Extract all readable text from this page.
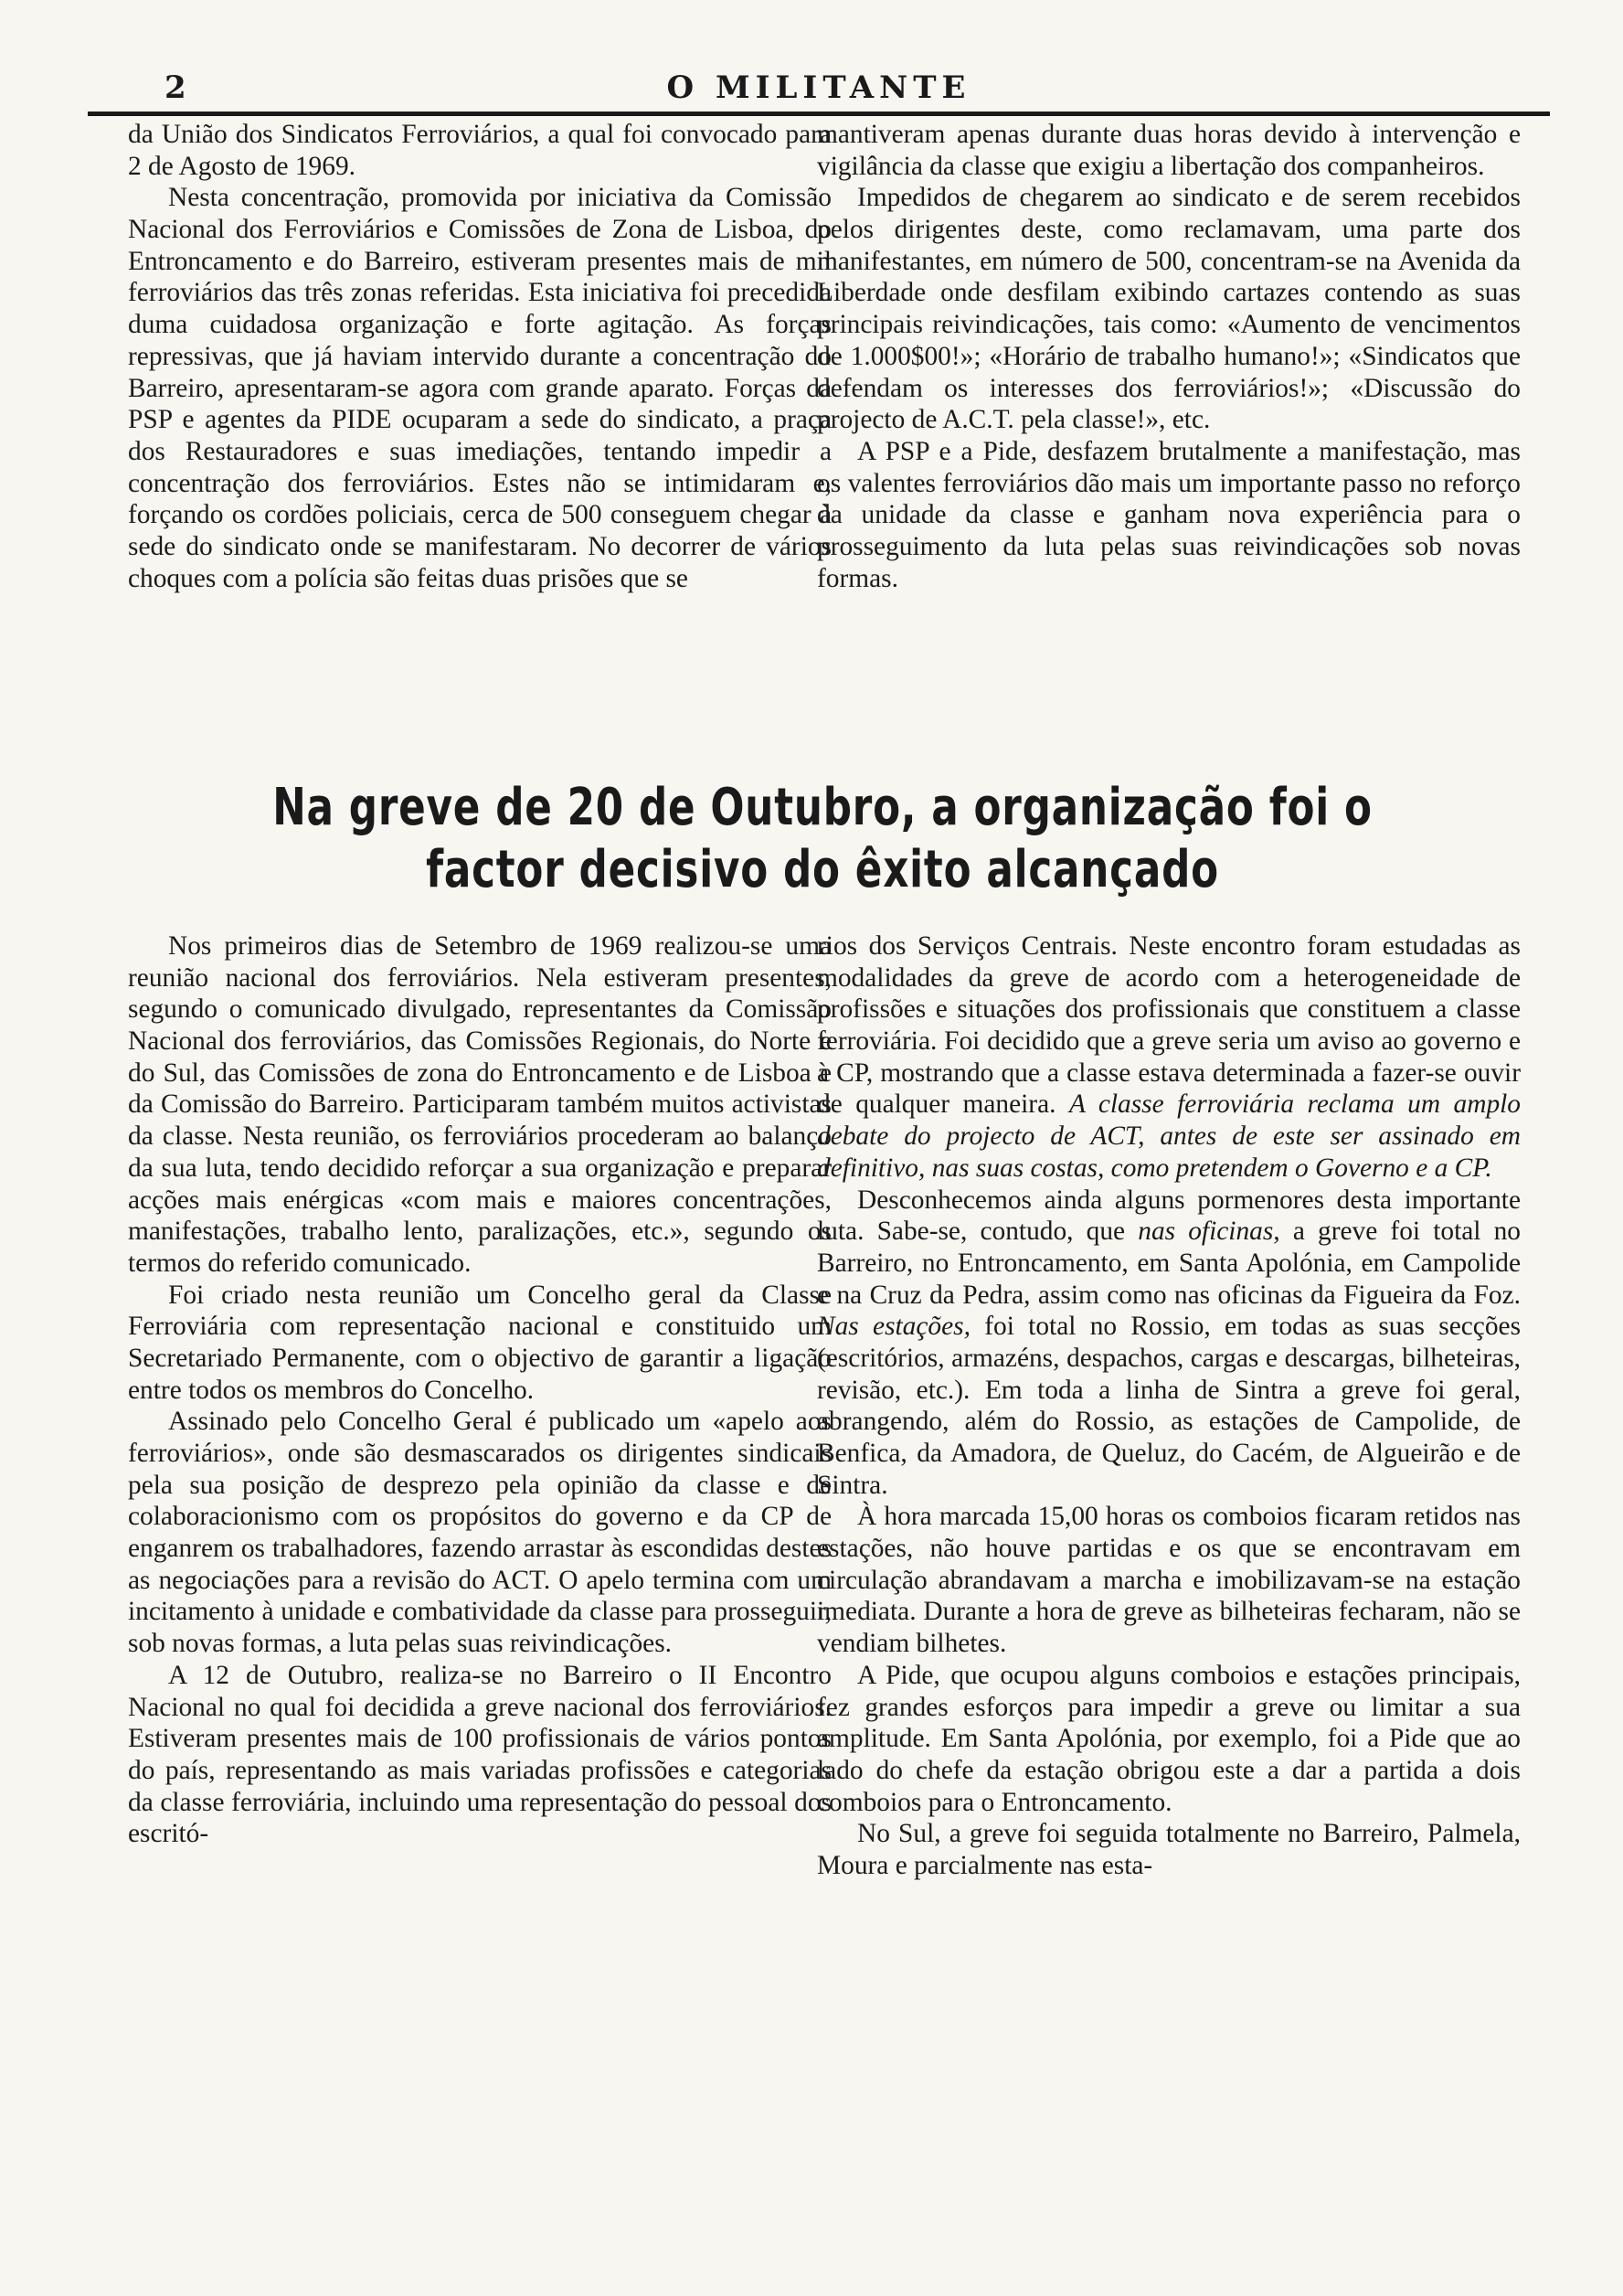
2	O MILITANTE

da União dos Sindicatos Ferroviários, a qual foi convocado para 2 de Agosto de 1969.

Nesta concentração, promovida por iniciativa da Comissão Nacional dos Ferroviários e Comissões de Zona de Lisboa, do Entroncamento e do Barreiro, estiveram presentes mais de mil ferroviários das três zonas referidas. Esta iniciativa foi precedida duma cuidadosa organização e forte agitação. As forças repressivas, que já haviam intervido durante a concentração do Barreiro, apresentaram-se agora com grande aparato. Forças da PSP e agentes da PIDE ocuparam a sede do sindicato, a praça dos Restauradores e suas imediações, tentando impedir a concentração dos ferroviários. Estes não se intimidaram e, forçando os cordões policiais, cerca de 500 conseguem chegar à sede do sindicato onde se manifestaram. No decorrer de vários choques com a polícia são feitas duas prisões que se

mantiveram apenas durante duas horas devido à intervenção e vigilância da classe que exigiu a libertação dos companheiros.

Impedidos de chegarem ao sindicato e de serem recebidos pelos dirigentes deste, como reclamavam, uma parte dos manifestantes, em número de 500, concentram-se na Avenida da Liberdade onde desfilam exibindo cartazes contendo as suas principais reivindicações, tais como: «Aumento de vencimentos de 1.000$00!»; «Horário de trabalho humano!»; «Sindicatos que defendam os interesses dos ferroviários!»; «Discussão do projecto de A.C.T. pela classe!», etc.

A PSP e a Pide, desfazem brutalmente a manifestação, mas os valentes ferroviários dão mais um importante passo no reforço da unidade da classe e ganham nova experiência para o prosseguimento da luta pelas suas reivindicações sob novas formas.

Na greve de 20 de Outubro, a organização foi o
factor decisivo do êxito alcançado

Nos primeiros dias de Setembro de 1969 realizou-se uma reunião nacional dos ferroviários. Nela estiveram presentes, segundo o comunicado divulgado, representantes da Comissão Nacional dos ferroviários, das Comissões Regionais, do Norte e do Sul, das Comissões de zona do Entroncamento e de Lisboa e da Comissão do Barreiro. Participaram também muitos activistas da classe. Nesta reunião, os ferroviários procederam ao balanço da sua luta, tendo decidido reforçar a sua organização e preparar acções mais enérgicas «com mais e maiores concentrações, manifestações, trabalho lento, paralizações, etc.», segundo os termos do referido comunicado.

Foi criado nesta reunião um Concelho geral da Classe Ferroviária com representação nacional e constituido um Secretariado Permanente, com o objectivo de garantir a ligação entre todos os membros do Concelho.

Assinado pelo Concelho Geral é publicado um «apelo aos ferroviários», onde são desmascarados os dirigentes sindicais pela sua posição de desprezo pela opinião da classe e de colaboracionismo com os propósitos do governo e da CP de enganrem os trabalhadores, fazendo arrastar às escondidas destes as negociações para a revisão do ACT. O apelo termina com um incitamento à unidade e combatividade da classe para prosseguir, sob novas formas, a luta pelas suas reivindicações.

A 12 de Outubro, realiza-se no Barreiro o II Encontro Nacional no qual foi decidida a greve nacional dos ferroviários. Estiveram presentes mais de 100 profissionais de vários pontos do país, representando as mais variadas profissões e categorias da classe ferroviária, incluindo uma representação do pessoal dos escritó-

rios dos Serviços Centrais. Neste encontro foram estudadas as modalidades da greve de acordo com a heterogeneidade de profissões e situações dos profissionais que constituem a classe ferroviária. Foi decidido que a greve seria um aviso ao governo e à CP, mostrando que a classe estava determinada a fazer-se ouvir de qualquer maneira. A classe ferroviária reclama um amplo debate do projecto de ACT, antes de este ser assinado em definitivo, nas suas costas, como pretendem o Governo e a CP.

Desconhecemos ainda alguns pormenores desta importante luta. Sabe-se, contudo, que nas oficinas, a greve foi total no Barreiro, no Entroncamento, em Santa Apolónia, em Campolide e na Cruz da Pedra, assim como nas oficinas da Figueira da Foz. Nas estações, foi total no Rossio, em todas as suas secções (escritórios, armazéns, despachos, cargas e descargas, bilheteiras, revisão, etc.). Em toda a linha de Sintra a greve foi geral, abrangendo, além do Rossio, as estações de Campolide, de Benfica, da Amadora, de Queluz, do Cacém, de Algueirão e de Sintra.

À hora marcada 15,00 horas os comboios ficaram retidos nas estações, não houve partidas e os que se encontravam em circulação abrandavam a marcha e imobilizavam-se na estação imediata. Durante a hora de greve as bilheteiras fecharam, não se vendiam bilhetes.

A Pide, que ocupou alguns comboios e estações principais, fez grandes esforços para impedir a greve ou limitar a sua amplitude. Em Santa Apolónia, por exemplo, foi a Pide que ao lado do chefe da estação obrigou este a dar a partida a dois comboios para o Entroncamento.

No Sul, a greve foi seguida totalmente no Barreiro, Palmela, Moura e parcialmente nas esta-
